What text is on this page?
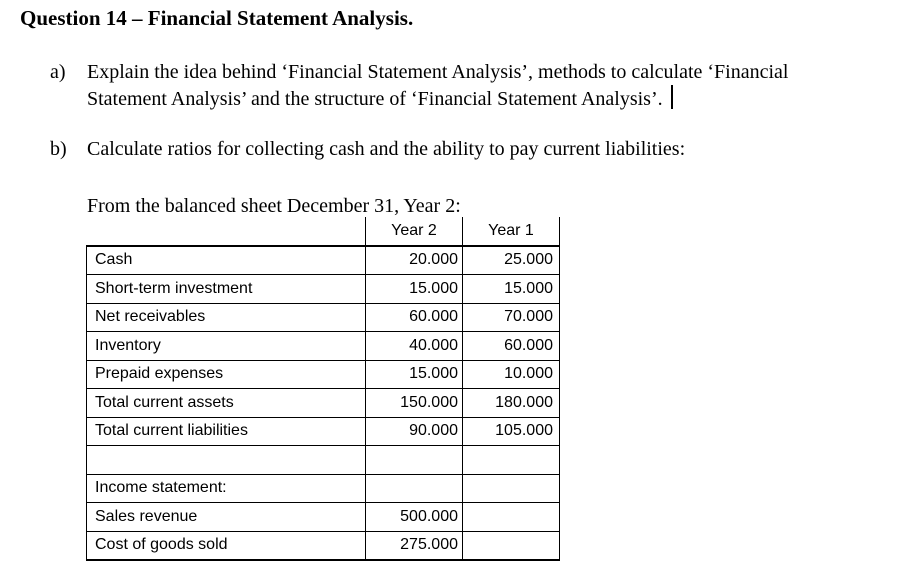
Question 14 – Financial Statement Analysis.
a) Explain the idea behind ‘Financial Statement Analysis’, methods to calculate ‘Financial
Statement Analysis’ and the structure of ‘Financial Statement Analysis’.
b) Calculate ratios for collecting cash and the ability to pay current liabilities:
From the balanced sheet December 31, Year 2:
	Year 2	Year 1
Cash	20.000	25.000
Short-term investment	15.000	15.000
Net receivables	60.000	70.000
Inventory	40.000	60.000
Prepaid expenses	15.000	10.000
Total current assets	150.000	180.000
Total current liabilities	90.000	105.000

Income statement:		
Sales revenue	500.000	
Cost of goods sold	275.000	
